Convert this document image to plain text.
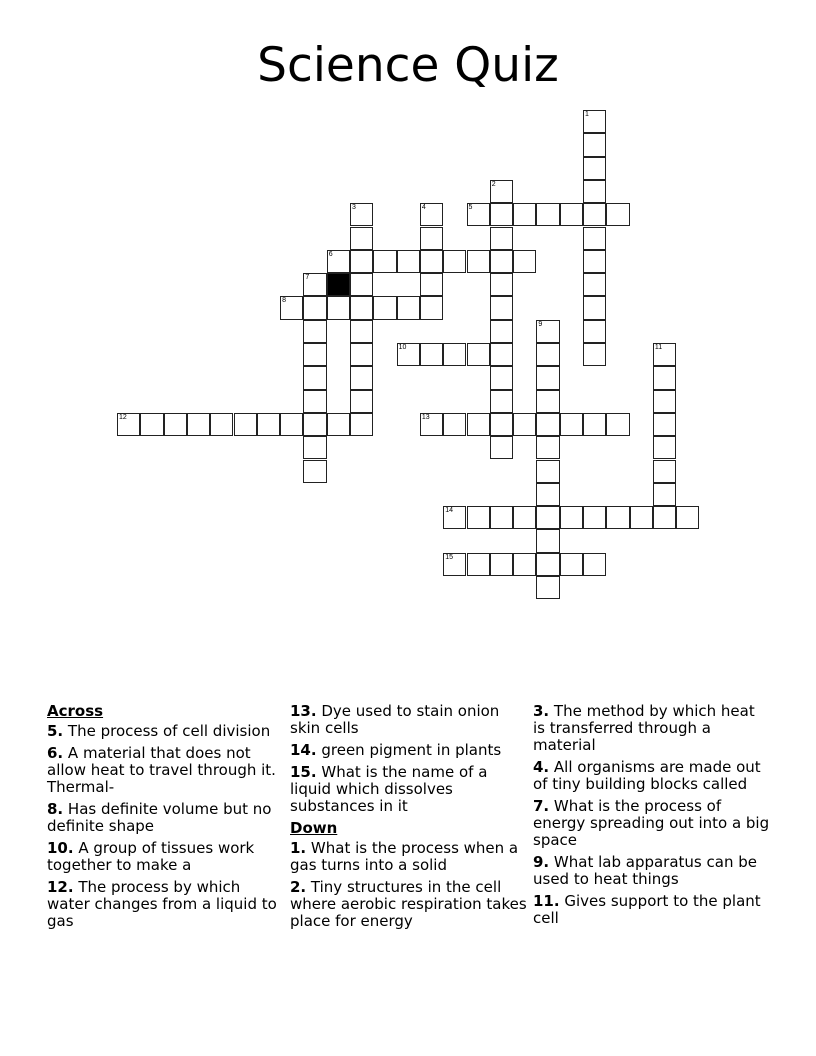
Science Quiz
1
2
3	4	5
6
7
8
9
10	11
12	13
14
15
Across
5. The process of cell division
6. A material that does not allow heat to travel through it. Thermal-
8. Has definite volume but no definite shape
10. A group of tissues work together to make a
12. The process by which water changes from a liquid to gas
13. Dye used to stain onion skin cells
14. green pigment in plants
15. What is the name of a liquid which dissolves substances in it
Down
1. What is the process when a gas turns into a solid
2. Tiny structures in the cell where aerobic respiration takes place for energy
3. The method by which heat is transferred through a material
4. All organisms are made out of tiny building blocks called
7. What is the process of energy spreading out into a big space
9. What lab apparatus can be used to heat things
11. Gives support to the plant cell
